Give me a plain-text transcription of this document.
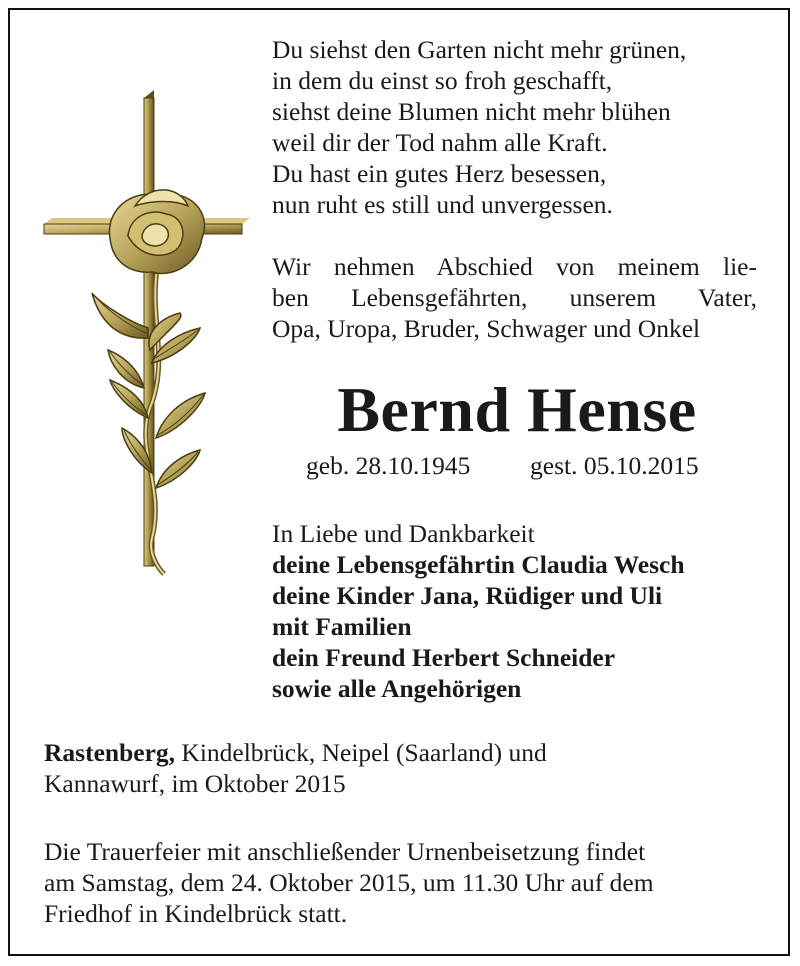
Du siehst den Garten nicht mehr grünen,
in dem du einst so froh geschafft,
siehst deine Blumen nicht mehr blühen
weil dir der Tod nahm alle Kraft.
Du hast ein gutes Herz besessen,
nun ruht es still und unvergessen.
Wir nehmen Abschied von meinem lie-
ben Lebensgefährten, unserem Vater,
Opa, Uropa, Bruder, Schwager und Onkel
Bernd Hense
geb. 28.10.1945 gest. 05.10.2015
In Liebe und Dankbarkeit
deine Lebensgefährtin Claudia Wesch
deine Kinder Jana, Rüdiger und Uli
mit Familien
dein Freund Herbert Schneider
sowie alle Angehörigen
Rastenberg, Kindelbrück, Neipel (Saarland) und
Kannawurf, im Oktober 2015
Die Trauerfeier mit anschließender Urnenbeisetzung findet
am Samstag, dem 24. Oktober 2015, um 11.30 Uhr auf dem
Friedhof in Kindelbrück statt.
